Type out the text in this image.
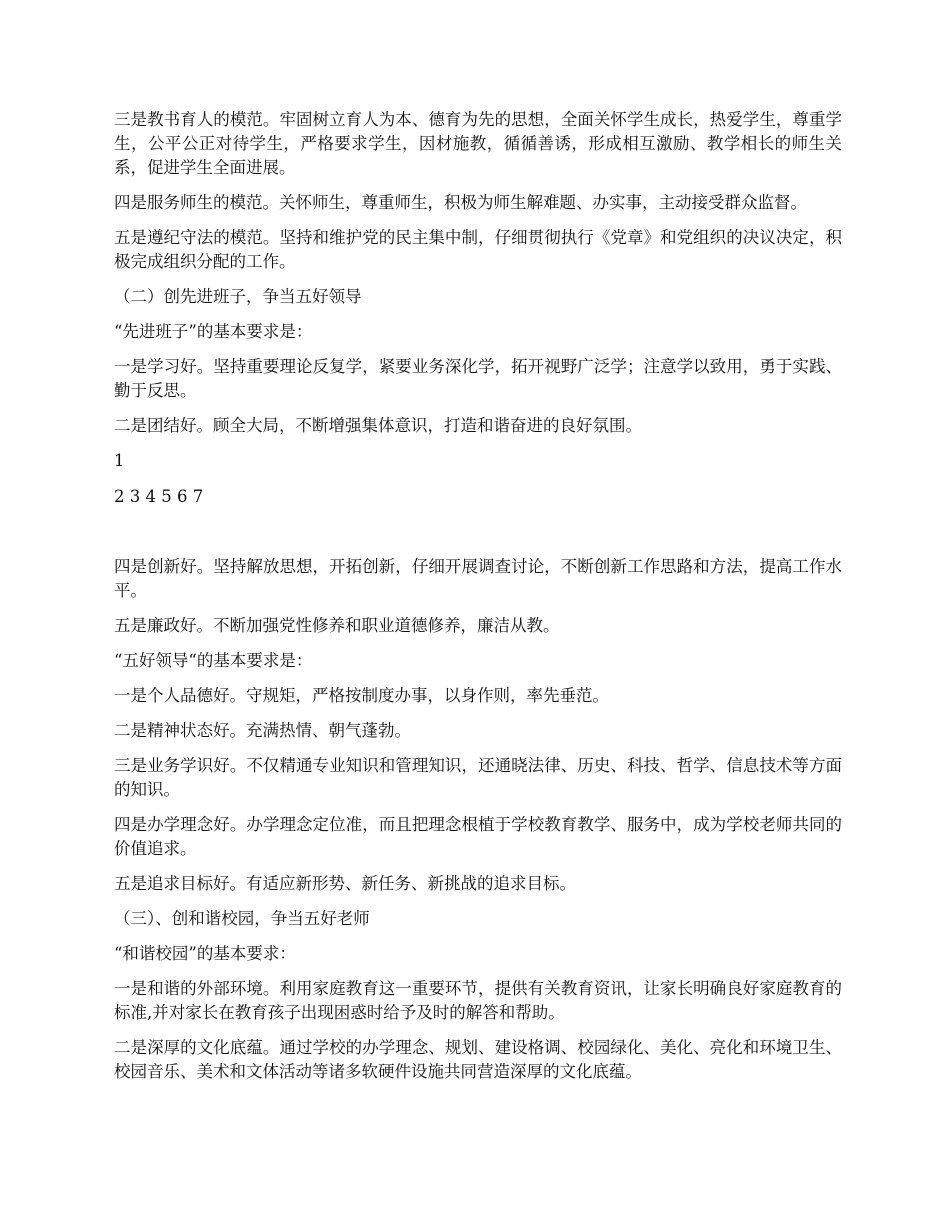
三是教书育人的模范。牢固树立育人为本、德育为先的思想，全面关怀学生成长，热爱学生，尊重学生，公平公正对待学生，严格要求学生，因材施教，循循善诱，形成相互激励、教学相长的师生关系，促进学生全面进展。

四是服务师生的模范。关怀师生，尊重师生，积极为师生解难题、办实事，主动接受群众监督。

五是遵纪守法的模范。坚持和维护党的民主集中制，仔细贯彻执行《党章》和党组织的决议决定，积极完成组织分配的工作。

（二）创先进班子，争当五好领导

“先进班子”的基本要求是：

一是学习好。坚持重要理论反复学，紧要业务深化学，拓开视野广泛学；注意学以致用，勇于实践、勤于反思。

二是团结好。顾全大局，不断增强集体意识，打造和谐奋进的良好氛围。

1

2 3 4 5 6 7

四是创新好。坚持解放思想，开拓创新，仔细开展调查讨论，不断创新工作思路和方法，提高工作水平。

五是廉政好。不断加强党性修养和职业道德修养，廉洁从教。

“五好领导“的基本要求是：

一是个人品德好。守规矩，严格按制度办事，以身作则，率先垂范。

二是精神状态好。充满热情、朝气蓬勃。

三是业务学识好。不仅精通专业知识和管理知识，还通晓法律、历史、科技、哲学、信息技术等方面的知识。

四是办学理念好。办学理念定位准，而且把理念根植于学校教育教学、服务中，成为学校老师共同的价值追求。

五是追求目标好。有适应新形势、新任务、新挑战的追求目标。

（三）、创和谐校园，争当五好老师

“和谐校园”的基本要求：

一是和谐的外部环境。利用家庭教育这一重要环节，提供有关教育资讯，让家长明确良好家庭教育的标准,并对家长在教育孩子出现困惑时给予及时的解答和帮助。

二是深厚的文化底蕴。通过学校的办学理念、规划、建设格调、校园绿化、美化、亮化和环境卫生、校园音乐、美术和文体活动等诸多软硬件设施共同营造深厚的文化底蕴。
